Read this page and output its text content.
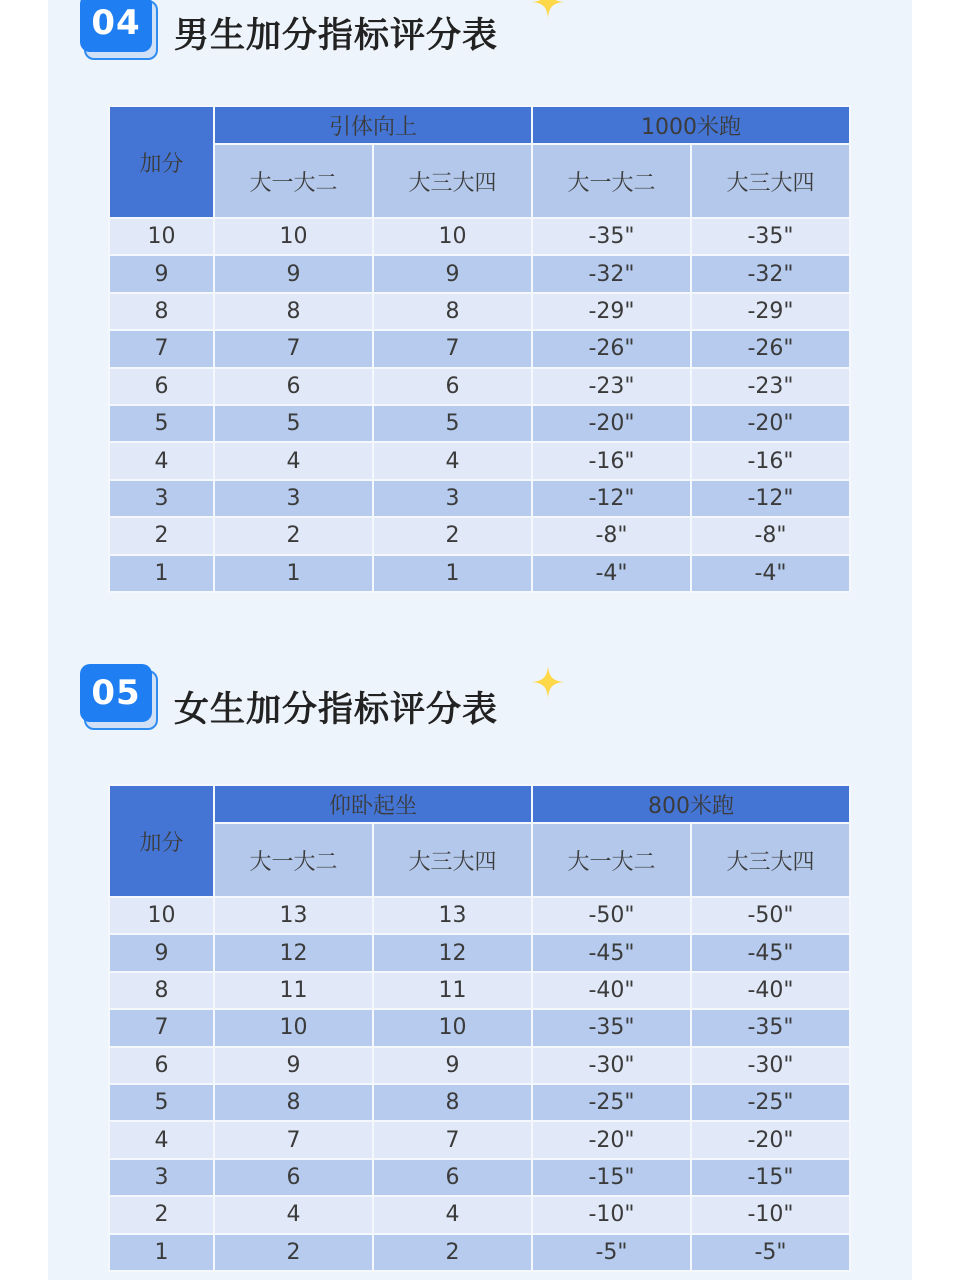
04 男生加分指标评分表
加分	引体向上		1000米跑	
	大一大二	大三大四	大一大二	大三大四
10	10	10	-35"	-35"
9	9	9	-32"	-32"
8	8	8	-29"	-29"
7	7	7	-26"	-26"
6	6	6	-23"	-23"
5	5	5	-20"	-20"
4	4	4	-16"	-16"
3	3	3	-12"	-12"
2	2	2	-8"	-8"
1	1	1	-4"	-4"
05 女生加分指标评分表
加分	仰卧起坐		800米跑	
	大一大二	大三大四	大一大二	大三大四
10	13	13	-50"	-50"
9	12	12	-45"	-45"
8	11	11	-40"	-40"
7	10	10	-35"	-35"
6	9	9	-30"	-30"
5	8	8	-25"	-25"
4	7	7	-20"	-20"
3	6	6	-15"	-15"
2	4	4	-10"	-10"
1	2	2	-5"	-5"
